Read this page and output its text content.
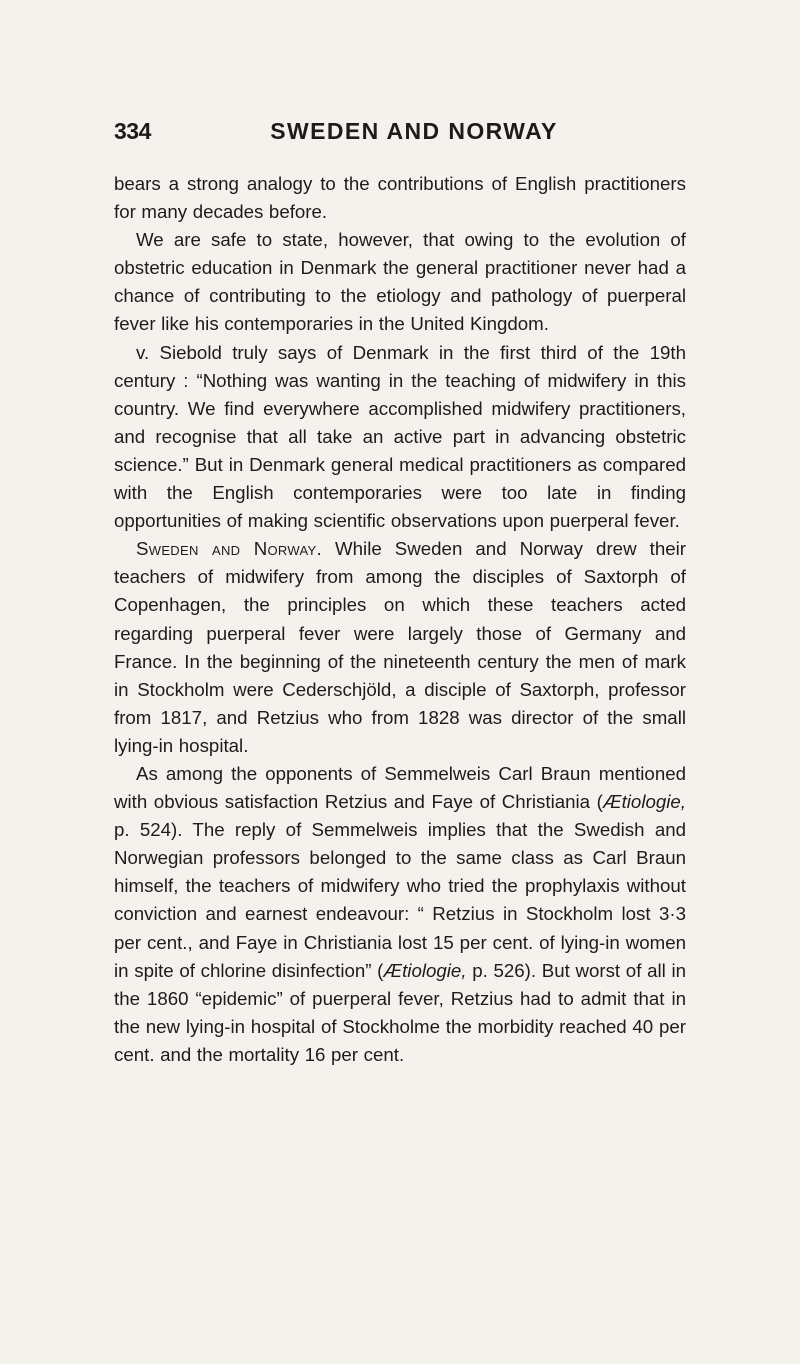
334	SWEDEN AND NORWAY

bears a strong analogy to the contributions of English practitioners for many decades before.

We are safe to state, however, that owing to the evolution of obstetric education in Denmark the general practitioner never had a chance of contributing to the etiology and pathology of puerperal fever like his contemporaries in the United Kingdom.

v. Siebold truly says of Denmark in the first third of the 19th century : “Nothing was wanting in the teaching of midwifery in this country. We find everywhere accomplished midwifery practitioners, and recognise that all take an active part in advancing obstetric science.” But in Denmark general medical practitioners as compared with the English contemporaries were too late in finding opportunities of making scientific observations upon puerperal fever.

Sweden and Norway. While Sweden and Norway drew their teachers of midwifery from among the disciples of Saxtorph of Copenhagen, the principles on which these teachers acted regarding puerperal fever were largely those of Germany and France. In the beginning of the nineteenth century the men of mark in Stockholm were Cederschjöld, a disciple of Saxtorph, professor from 1817, and Retzius who from 1828 was director of the small lying-in hospital.

As among the opponents of Semmelweis Carl Braun mentioned with obvious satisfaction Retzius and Faye of Christiania (Ætiologie, p. 524). The reply of Semmelweis implies that the Swedish and Norwegian professors belonged to the same class as Carl Braun himself, the teachers of midwifery who tried the prophylaxis without conviction and earnest endeavour: “ Retzius in Stockholm lost 3·3 per cent., and Faye in Christiania lost 15 per cent. of lying-in women in spite of chlorine disinfection” (Ætiologie, p. 526). But worst of all in the 1860 “epidemic” of puerperal fever, Retzius had to admit that in the new lying-in hospital of Stockholme the morbidity reached 40 per cent. and the mortality 16 per cent.
